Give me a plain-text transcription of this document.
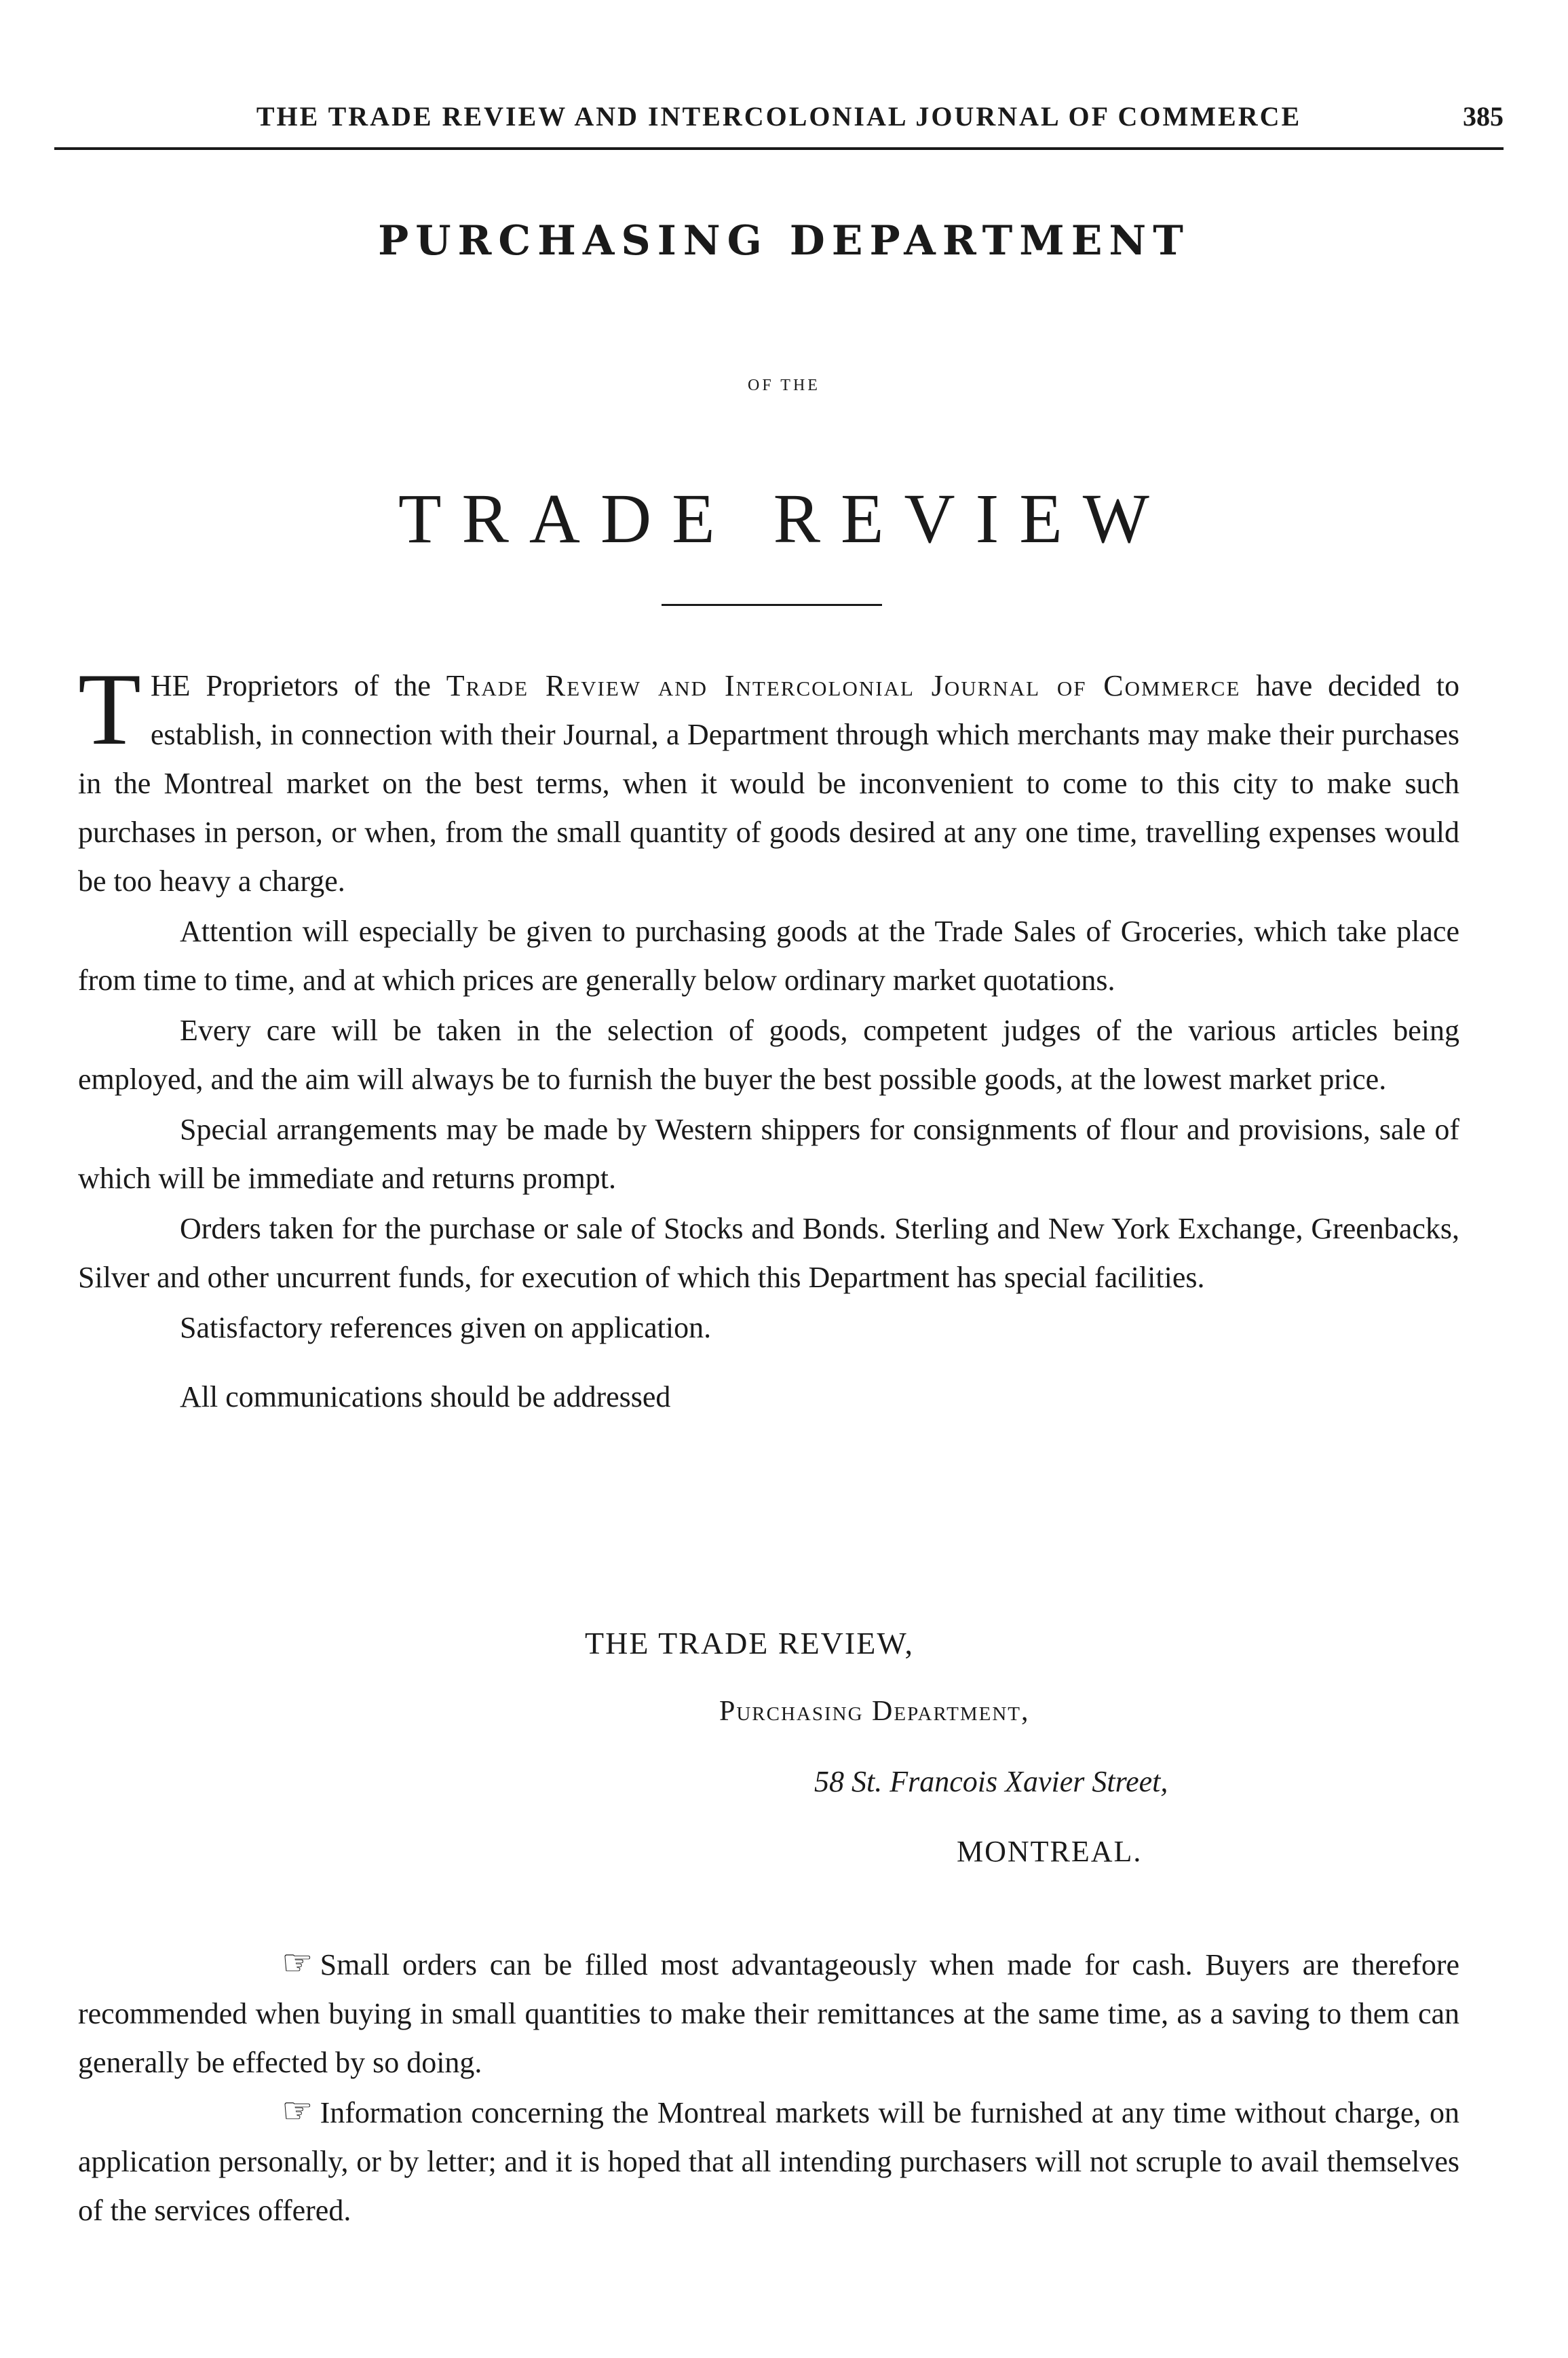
THE TRADE REVIEW AND INTERCOLONIAL JOURNAL OF COMMERCE	385
PURCHASING DEPARTMENT
OF THE
TRADE REVIEW

THE Proprietors of the Trade Review and Intercolonial Journal of Commerce have decided to establish, in connection with their Journal, a Department through which merchants may make their purchases in the Montreal market on the best terms, when it would be inconvenient to come to this city to make such purchases in person, or when, from the small quantity of goods desired at any one time, travelling expenses would be too heavy a charge.

Attention will especially be given to purchasing goods at the Trade Sales of Groceries, which take place from time to time, and at which prices are generally below ordinary market quotations.

Every care will be taken in the selection of goods, competent judges of the various articles being employed, and the aim will always be to furnish the buyer the best possible goods, at the lowest market price.

Special arrangements may be made by Western shippers for consignments of flour and provisions, sale of which will be immediate and returns prompt.

Orders taken for the purchase or sale of Stocks and Bonds. Sterling and New York Exchange, Greenbacks, Silver and other uncurrent funds, for execution of which this Department has special facilities.

Satisfactory references given on application.

All communications should be addressed

THE TRADE REVIEW,
Purchasing Department,
58 St. Francois Xavier Street,
MONTREAL.

☞ Small orders can be filled most advantageously when made for cash. Buyers are therefore recommended when buying in small quantities to make their remittances at the same time, as a saving to them can generally be effected by so doing.

☞ Information concerning the Montreal markets will be furnished at any time without charge, on application personally, or by letter; and it is hoped that all intending purchasers will not scruple to avail themselves of the services offered.
